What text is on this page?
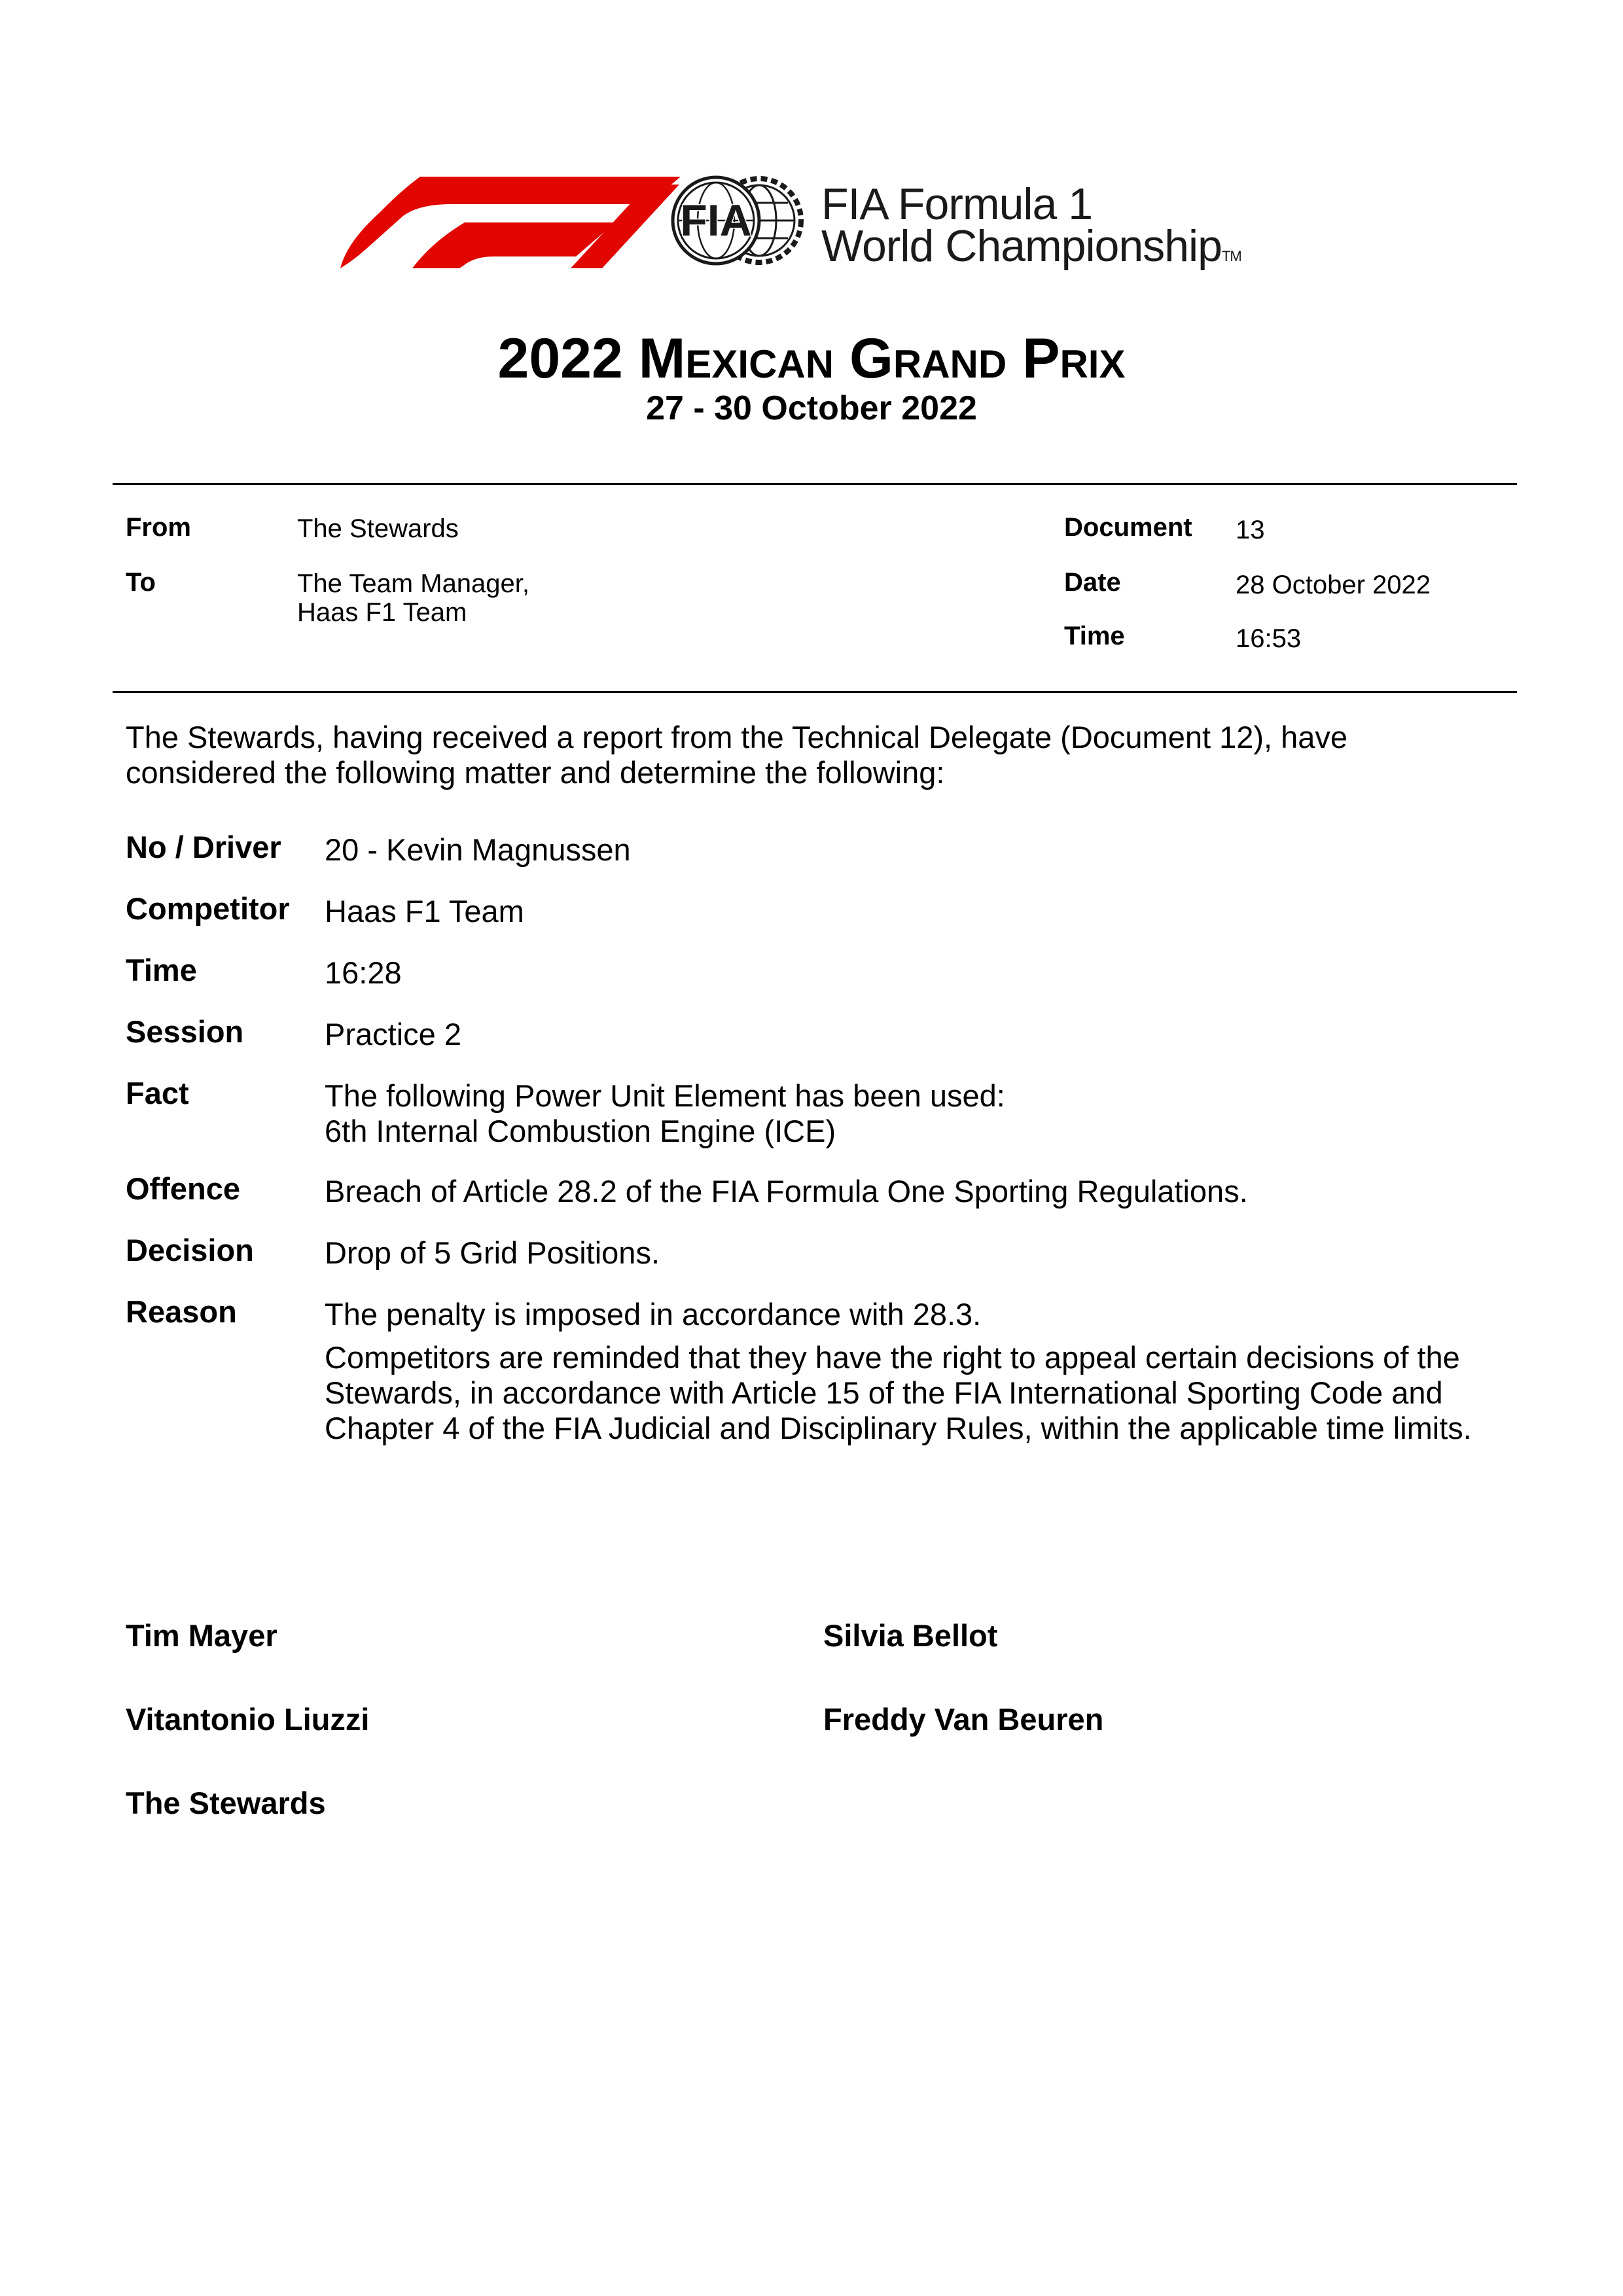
FIA FIA Formula 1
World ChampionshipTM
2022 Mexican Grand Prix
27 - 30 October 2022
From	The Stewards
To	The Team Manager,
Haas F1 Team
Document 13
Date	28 October 2022
Time	16:53
The Stewards, having received a report from the Technical Delegate (Document 12), have considered the following matter and determine the following:
No / Driver 20 - Kevin Magnussen
Competitor Haas F1 Team
Time	16:28
Session	Practice 2
Fact	The following Power Unit Element has been used:
6th Internal Combustion Engine (ICE)
Offence	Breach of Article 28.2 of the FIA Formula One Sporting Regulations.
Decision Drop of 5 Grid Positions.
Reason	The penalty is imposed in accordance with 28.3.

Competitors are reminded that they have the right to appeal certain decisions of the Stewards, in accordance with Article 15 of the FIA International Sporting Code and Chapter 4 of the FIA Judicial and Disciplinary Rules, within the applicable time limits.

Tim Mayer	Silvia Bellot
Vitantonio Liuzzi	Freddy Van Beuren
The Stewards
